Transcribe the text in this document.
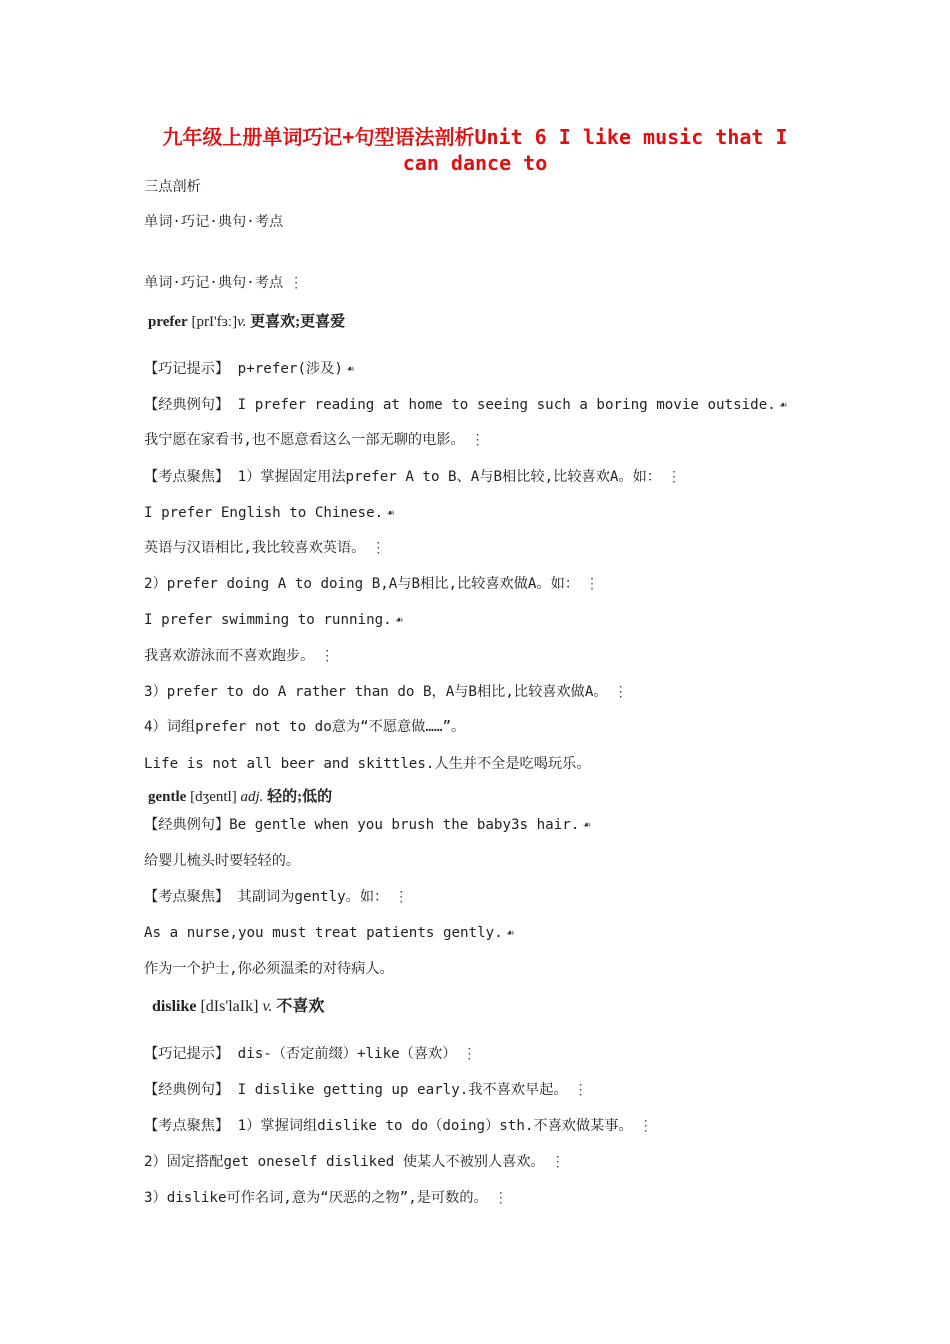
九年级上册单词巧记+句型语法剖析Unit 6 I like music that I can dance to
三点剖析
单词·巧记·典句·考点
单词·巧记·典句·考点 ⋮
prefer [prI'fɜː]v. 更喜欢;更喜爱
【巧记提示】 p+refer(涉及) ☙
【经典例句】 I prefer reading at home to seeing such a boring movie outside. ☙
我宁愿在家看书,也不愿意看这么一部无聊的电影。 ⋮
【考点聚焦】 1）掌握固定用法prefer A to B、A与B相比较,比较喜欢A。如： ⋮
I prefer English to Chinese. ☙
英语与汉语相比,我比较喜欢英语。 ⋮
2）prefer doing A to doing B,A与B相比,比较喜欢做A。如： ⋮
I prefer swimming to running. ☙
我喜欢游泳而不喜欢跑步。 ⋮
3）prefer to do A rather than do B，A与B相比,比较喜欢做A。 ⋮
4）词组prefer not to do意为“不愿意做……”。
Life is not all beer and skittles.人生并不全是吃喝玩乐。
gentle [dʒentl] adj. 轻的;低的
【经典例句】Be gentle when you brush the baby3s hair. ☙
给婴儿梳头时要轻轻的。
【考点聚焦】 其副词为gently。如： ⋮
As a nurse,you must treat patients gently. ☙
作为一个护士,你必须温柔的对待病人。
dislike [dIs'laIk] v. 不喜欢
【巧记提示】 dis-（否定前缀）+like（喜欢） ⋮
【经典例句】 I dislike getting up early.我不喜欢早起。 ⋮
【考点聚焦】 1）掌握词组dislike to do（doing）sth.不喜欢做某事。 ⋮
2）固定搭配get oneself disliked 使某人不被别人喜欢。 ⋮
3）dislike可作名词,意为“厌恶的之物”,是可数的。 ⋮
